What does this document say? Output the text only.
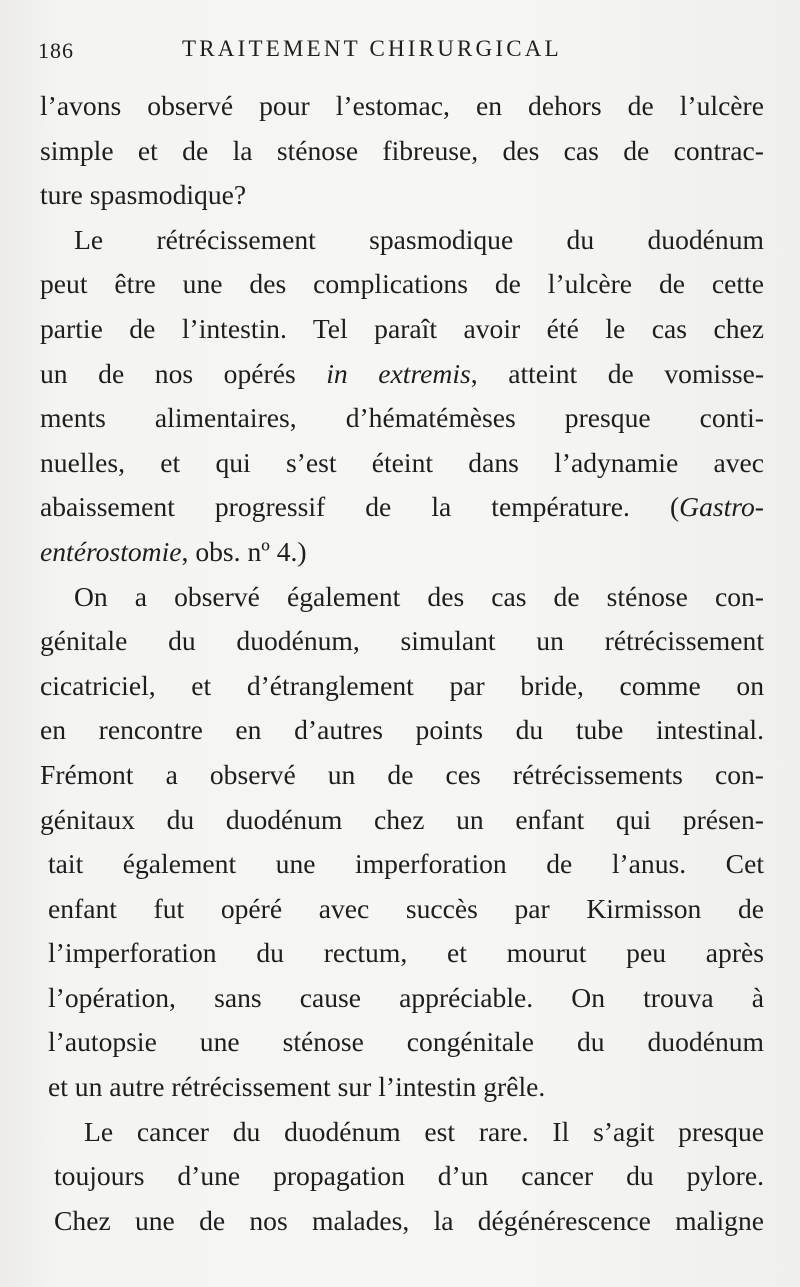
186	TRAITEMENT CHIRURGICAL
l’avons observé pour l’estomac, en dehors de l’ulcère
simple et de la sténose fibreuse, des cas de contrac-
ture spasmodique?
Le rétrécissement spasmodique du duodénum
peut être une des complications de l’ulcère de cette
partie de l’intestin. Tel paraît avoir été le cas chez
un de nos opérés in extremis, atteint de vomisse-
ments alimentaires, d’hématémèses presque conti-
nuelles, et qui s’est éteint dans l’adynamie avec
abaissement progressif de la température. (Gastro-
entérostomie, obs. nº 4.)
On a observé également des cas de sténose con-
génitale du duodénum, simulant un rétrécissement
cicatriciel, et d’étranglement par bride, comme on
en rencontre en d’autres points du tube intestinal.
Frémont a observé un de ces rétrécissements con-
génitaux du duodénum chez un enfant qui présen-
tait également une imperforation de l’anus. Cet
enfant fut opéré avec succès par Kirmisson de
l’imperforation du rectum, et mourut peu après
l’opération, sans cause appréciable. On trouva à
l’autopsie une sténose congénitale du duodénum
et un autre rétrécissement sur l’intestin grêle.
Le cancer du duodénum est rare. Il s’agit presque
toujours d’une propagation d’un cancer du pylore.
Chez une de nos malades, la dégénérescence maligne
